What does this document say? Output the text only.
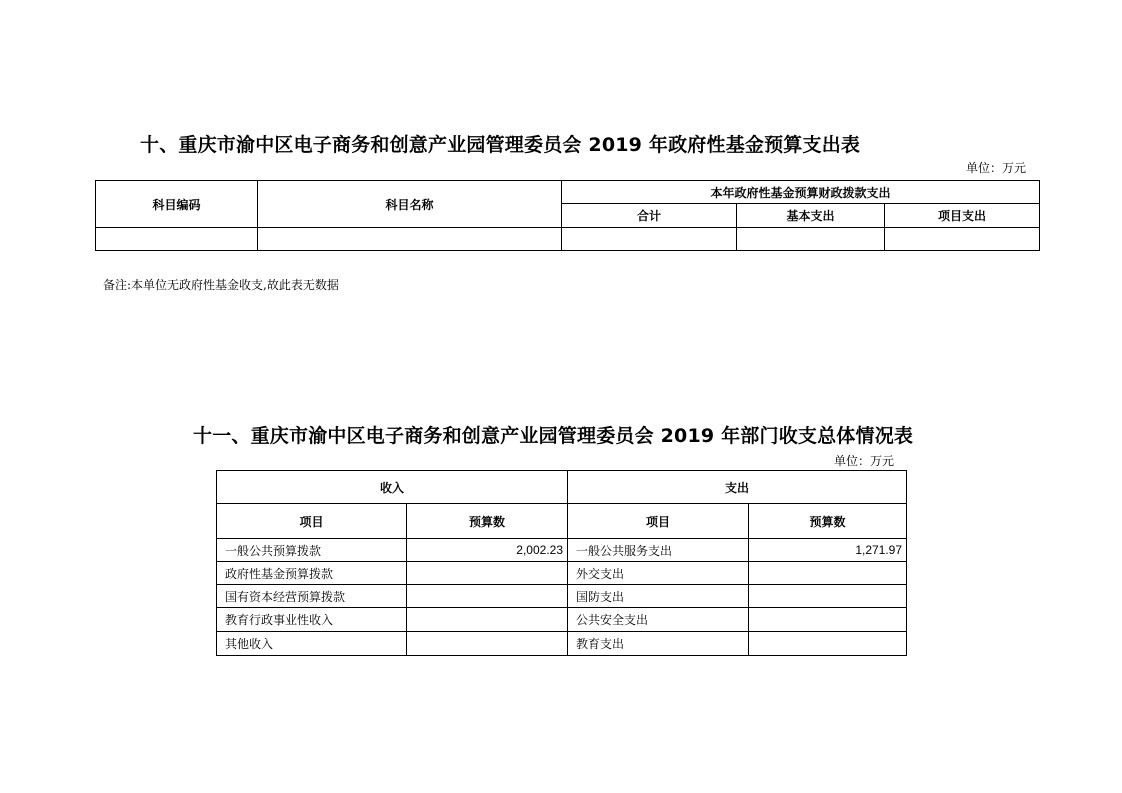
十、重庆市渝中区电子商务和创意产业园管理委员会 2019 年政府性基金预算支出表
单位：万元
科目编码	科目名称	本年政府性基金预算财政拨款支出		
		合计	基本支出	项目支出

备注:本单位无政府性基金收支,故此表无数据
十一、重庆市渝中区电子商务和创意产业园管理委员会 2019 年部门收支总体情况表
单位：万元
收入		支出	
项目	预算数	项目	预算数
一般公共预算拨款	2,002.23	一般公共服务支出	1,271.97
政府性基金预算拨款		外交支出	
国有资本经营预算拨款		国防支出	
教育行政事业性收入		公共安全支出	
其他收入		教育支出	
